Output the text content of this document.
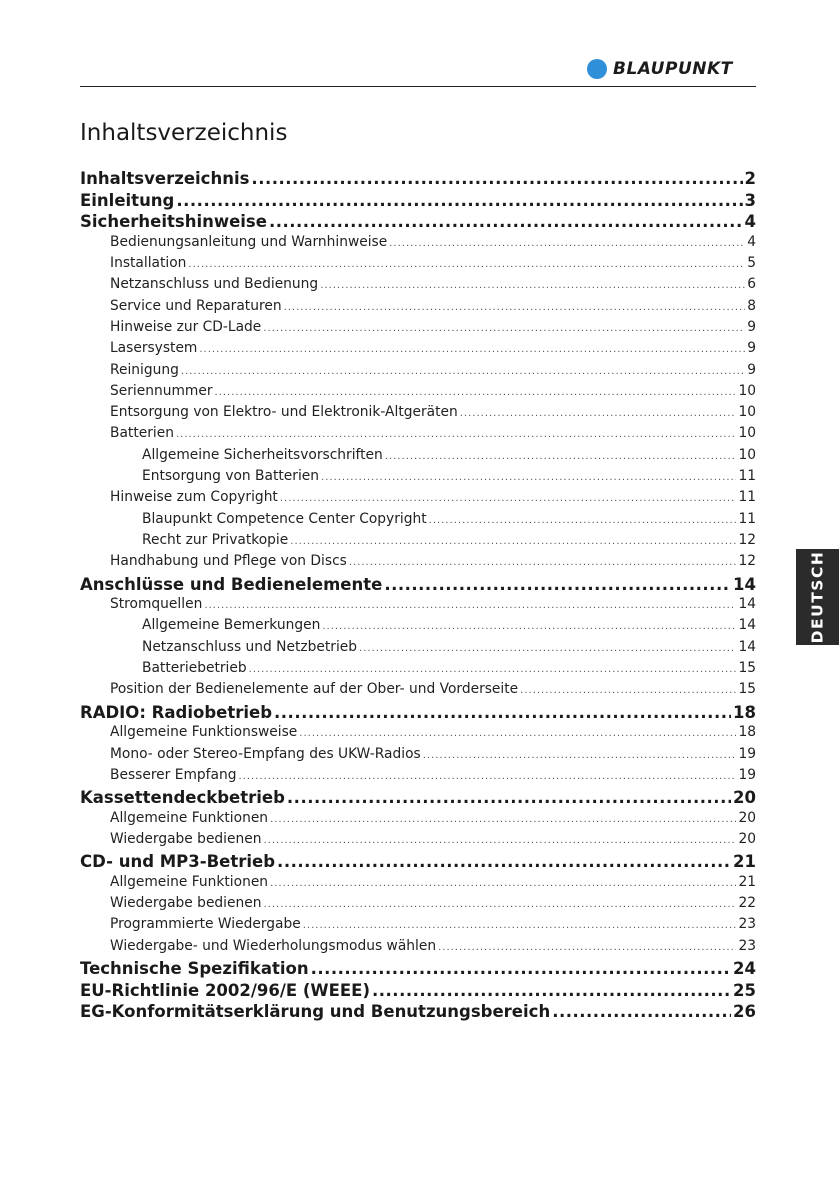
BLAUPUNKT
Inhaltsverzeichnis
Inhaltsverzeichnis .....	2
Einleitung .....	3
Sicherheitshinweise .....	4
Bedienungsanleitung und Warnhinweise .....	4
Installation .....	5
Netzanschluss und Bedienung .....	6
Service und Reparaturen .....	8
Hinweise zur CD-Lade .....	9
Lasersystem .....	9
Reinigung .....	9
Seriennummer .....	10
Entsorgung von Elektro- und Elektronik-Altgeräten .....	10
Batterien .....	10
Allgemeine Sicherheitsvorschriften .....	10
Entsorgung von Batterien .....	11
Hinweise zum Copyright .....	11
Blaupunkt Competence Center Copyright .....	11
Recht zur Privatkopie .....	12
Handhabung und Pflege von Discs .....	12
Anschlüsse und Bedienelemente .....	14
Stromquellen .....	14
Allgemeine Bemerkungen .....	14
Netzanschluss und Netzbetrieb .....	14
Batteriebetrieb .....	15
Position der Bedienelemente auf der Ober- und Vorderseite .....	15
RADIO: Radiobetrieb .....	18
Allgemeine Funktionsweise .....	18
Mono- oder Stereo-Empfang des UKW-Radios .....	19
Besserer Empfang .....	19
Kassettendeckbetrieb .....	20
Allgemeine Funktionen .....	20
Wiedergabe bedienen .....	20
CD- und MP3-Betrieb .....	21
Allgemeine Funktionen .....	21
Wiedergabe bedienen .....	22
Programmierte Wiedergabe .....	23
Wiedergabe- und Wiederholungsmodus wählen .....	23
Technische Spezifikation .....	24
EU-Richtlinie 2002/96/E (WEEE) .....	25
EG-Konformitätserklärung und Benutzungsbereich .....	26
DEUTSCH
